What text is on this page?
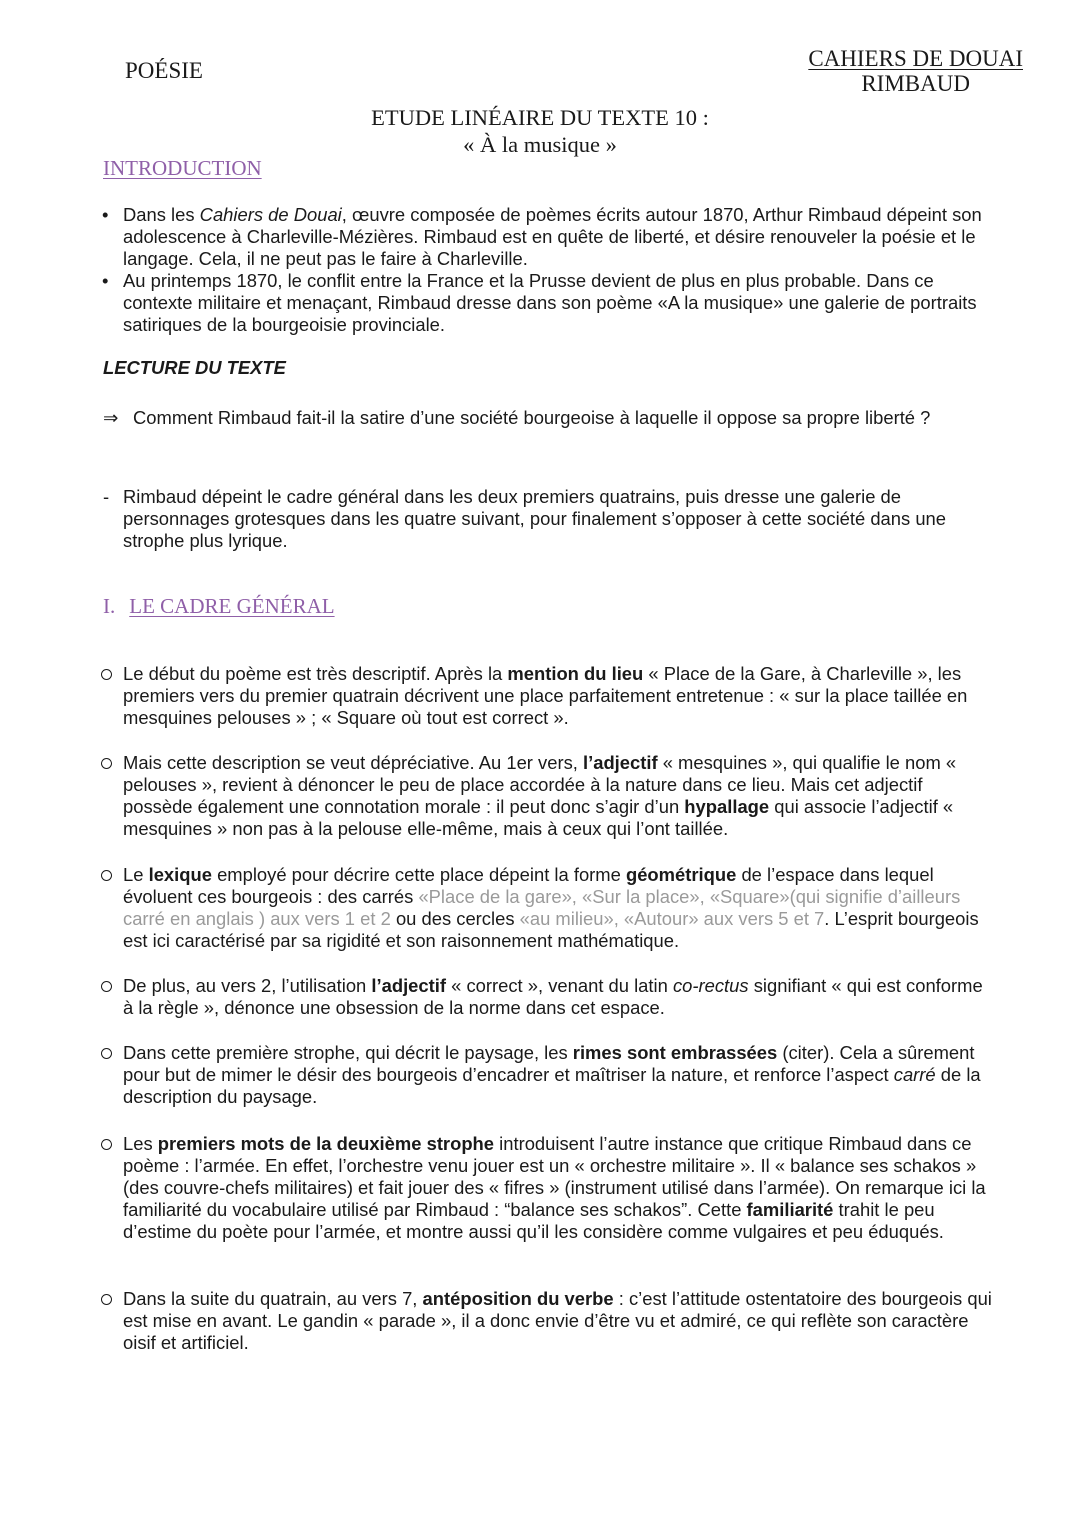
POÉSIE	CAHIERS DE DOUAI
RIMBAUD
ETUDE LINÉAIRE DU TEXTE 10 :
« À la musique »
INTRODUCTION
• Dans les Cahiers de Douai, œuvre composée de poèmes écrits autour 1870, Arthur Rimbaud dépeint son adolescence à Charleville-Mézières. Rimbaud est en quête de liberté, et désire renouveler la poésie et le langage. Cela, il ne peut pas le faire à Charleville.

• Au printemps 1870, le conflit entre la France et la Prusse devient de plus en plus probable. Dans ce contexte militaire et menaçant, Rimbaud dresse dans son poème «A la musique» une galerie de portraits satiriques de la bourgeoisie provinciale.

LECTURE DU TEXTE
⇒ Comment Rimbaud fait-il la satire d’une société bourgeoise à laquelle il oppose sa propre liberté ?

- Rimbaud dépeint le cadre général dans les deux premiers quatrains, puis dresse une galerie de personnages grotesques dans les quatre suivant, pour finalement s’opposer à cette société dans une strophe plus lyrique.

I. LE CADRE GÉNÉRAL

Le début du poème est très descriptif. Après la mention du lieu « Place de la Gare, à Charleville », les premiers vers du premier quatrain décrivent une place parfaitement entretenue : « sur la place taillée en mesquines pelouses » ; « Square où tout est correct ».

Mais cette description se veut dépréciative. Au 1er vers, l’adjectif « mesquines », qui qualifie le nom « pelouses », revient à dénoncer le peu de place accordée à la nature dans ce lieu. Mais cet adjectif possède également une connotation morale : il peut donc s’agir d’un hypallage qui associe l’adjectif « mesquines » non pas à la pelouse elle-même, mais à ceux qui l’ont taillée.

Le lexique employé pour décrire cette place dépeint la forme géométrique de l’espace dans lequel évoluent ces bourgeois : des carrés «Place de la gare», «Sur la place», «Square»(qui signifie d’ailleurs carré en anglais ) aux vers 1 et 2 ou des cercles «au milieu», «Autour» aux vers 5 et 7. L’esprit bourgeois est ici caractérisé par sa rigidité et son raisonnement mathématique.

De plus, au vers 2, l’utilisation l’adjectif « correct », venant du latin co-rectus signifiant « qui est conforme à la règle », dénonce une obsession de la norme dans cet espace.

Dans cette première strophe, qui décrit le paysage, les rimes sont embrassées (citer). Cela a sûrement pour but de mimer le désir des bourgeois d’encadrer et maîtriser la nature, et renforce l’aspect carré de la description du paysage.

Les premiers mots de la deuxième strophe introduisent l’autre instance que critique Rimbaud dans ce poème : l’armée. En effet, l’orchestre venu jouer est un « orchestre militaire ». Il « balance ses schakos » (des couvre-chefs militaires) et fait jouer des « fifres » (instrument utilisé dans l’armée). On remarque ici la familiarité du vocabulaire utilisé par Rimbaud : “balance ses schakos”. Cette familiarité trahit le peu d’estime du poète pour l’armée, et montre aussi qu’il les considère comme vulgaires et peu éduqués.

Dans la suite du quatrain, au vers 7, antéposition du verbe : c’est l’attitude ostentatoire des bourgeois qui est mise en avant. Le gandin « parade », il a donc envie d’être vu et admiré, ce qui reflète son caractère oisif et artificiel.
